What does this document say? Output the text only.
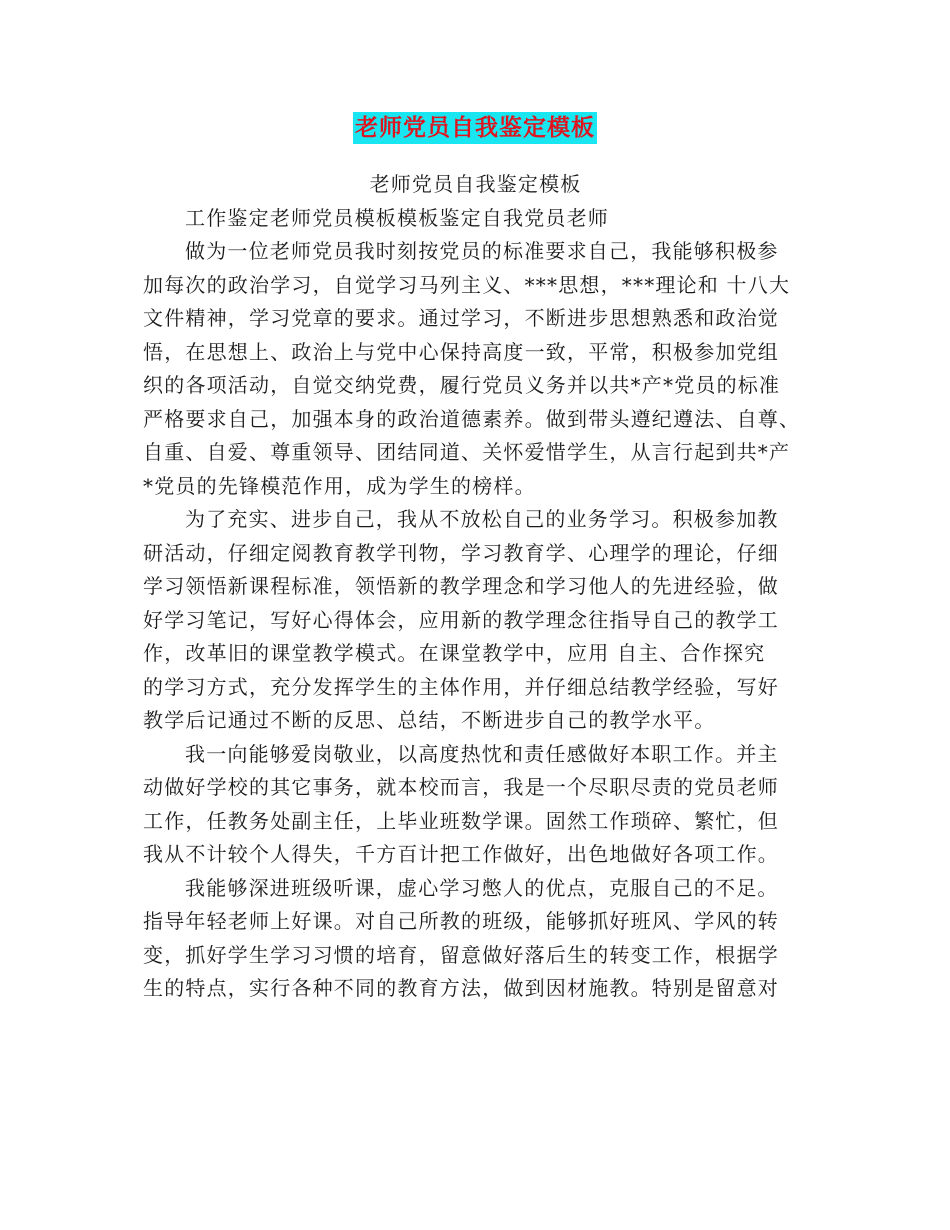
老师党员自我鉴定模板
老师党员自我鉴定模板
工作鉴定老师党员模板模板鉴定自我党员老师
做为一位老师党员我时刻按党员的标准要求自己，我能够积极参
加每次的政治学习，自觉学习马列主义、***思想，***理论和 十八大
文件精神，学习党章的要求。通过学习，不断进步思想熟悉和政治觉
悟，在思想上、政治上与党中心保持高度一致，平常，积极参加党组
织的各项活动，自觉交纳党费，履行党员义务并以共*产*党员的标准
严格要求自己，加强本身的政治道德素养。做到带头遵纪遵法、自尊、
自重、自爱、尊重领导、团结同道、关怀爱惜学生，从言行起到共*产
*党员的先锋模范作用，成为学生的榜样。
为了充实、进步自己，我从不放松自己的业务学习。积极参加教
研活动，仔细定阅教育教学刊物，学习教育学、心理学的理论，仔细
学习领悟新课程标准，领悟新的教学理念和学习他人的先进经验，做
好学习笔记，写好心得体会，应用新的教学理念往指导自己的教学工
作，改革旧的课堂教学模式。在课堂教学中，应用 自主、合作探究
的学习方式，充分发挥学生的主体作用，并仔细总结教学经验，写好
教学后记通过不断的反思、总结，不断进步自己的教学水平。
我一向能够爱岗敬业，以高度热忱和责任感做好本职工作。并主
动做好学校的其它事务，就本校而言，我是一个尽职尽责的党员老师
工作，任教务处副主任，上毕业班数学课。固然工作琐碎、繁忙，但
我从不计较个人得失，千方百计把工作做好，出色地做好各项工作。
我能够深进班级听课，虚心学习憋人的优点，克服自己的不足。
指导年轻老师上好课。对自己所教的班级，能够抓好班风、学风的转
变，抓好学生学习习惯的培育，留意做好落后生的转变工作，根据学
生的特点，实行各种不同的教育方法，做到因材施教。特别是留意对
